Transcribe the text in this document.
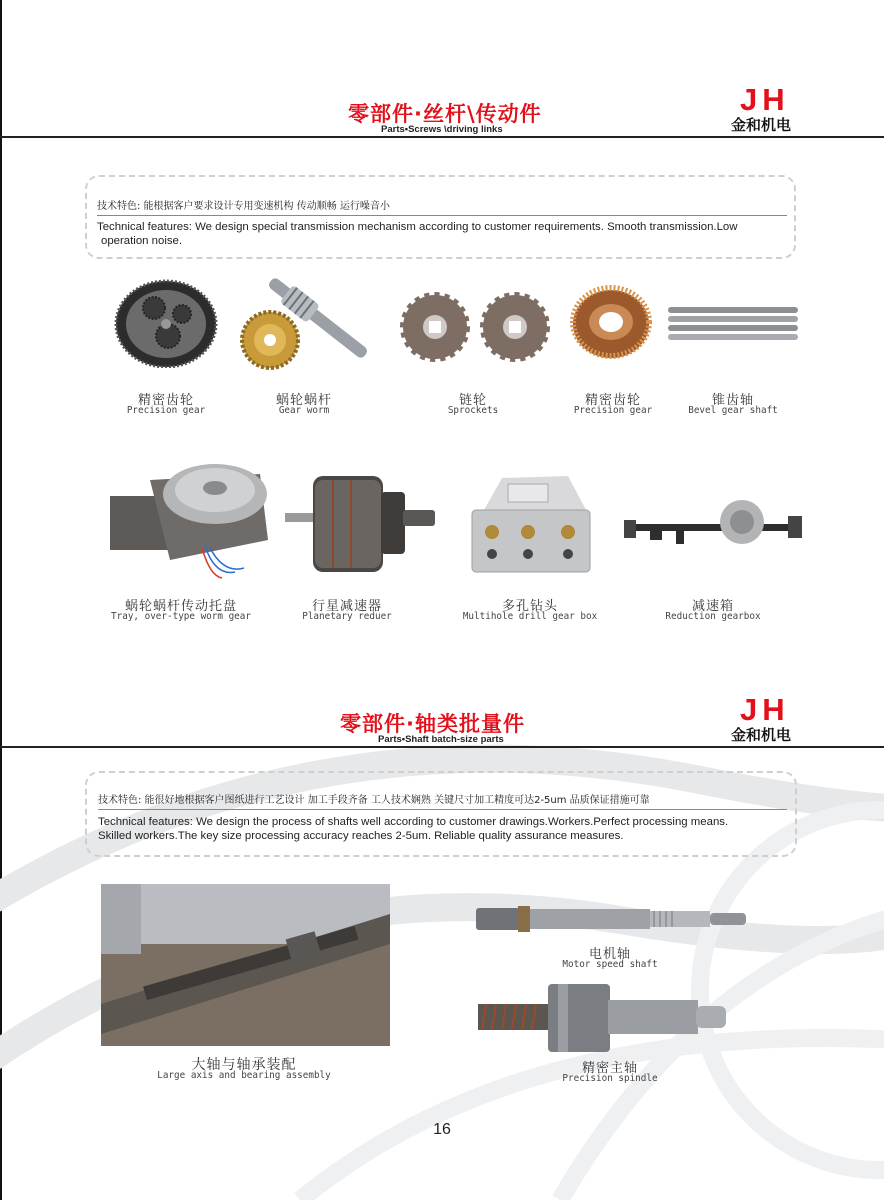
零部件·丝杆\传动件
Parts•Screws \driving links
JH
金和机电
技术特色: 能根据客户要求设计专用变速机构 传动顺畅 运行噪音小
Technical features: We design special transmission mechanism according to customer requirements. Smooth transmission.Low
operation noise.
精密齿轮
Precision gear
蜗轮蜗杆
Gear worm
链轮
Sprockets
精密齿轮
Precision gear
锥齿轴
Bevel gear shaft
蜗轮蜗杆传动托盘
Tray, over-type worm gear
行星减速器
Planetary reduer
多孔钻头
Multihole drill gear box
减速箱
Reduction gearbox
零部件·轴类批量件
Parts•Shaft batch-size parts
JH
金和机电
技术特色: 能很好地根据客户图纸进行工艺设计 加工手段齐备 工人技术娴熟 关键尺寸加工精度可达2-5um 品质保证措施可靠
Technical features: We design the process of shafts well according to customer drawings.Workers.Perfect processing means.
Skilled workers.The key size processing accuracy reaches 2-5um. Reliable quality assurance measures.
大轴与轴承装配
Large axis and bearing assembly
电机轴
Motor speed shaft
精密主轴
Precision spindle
16
